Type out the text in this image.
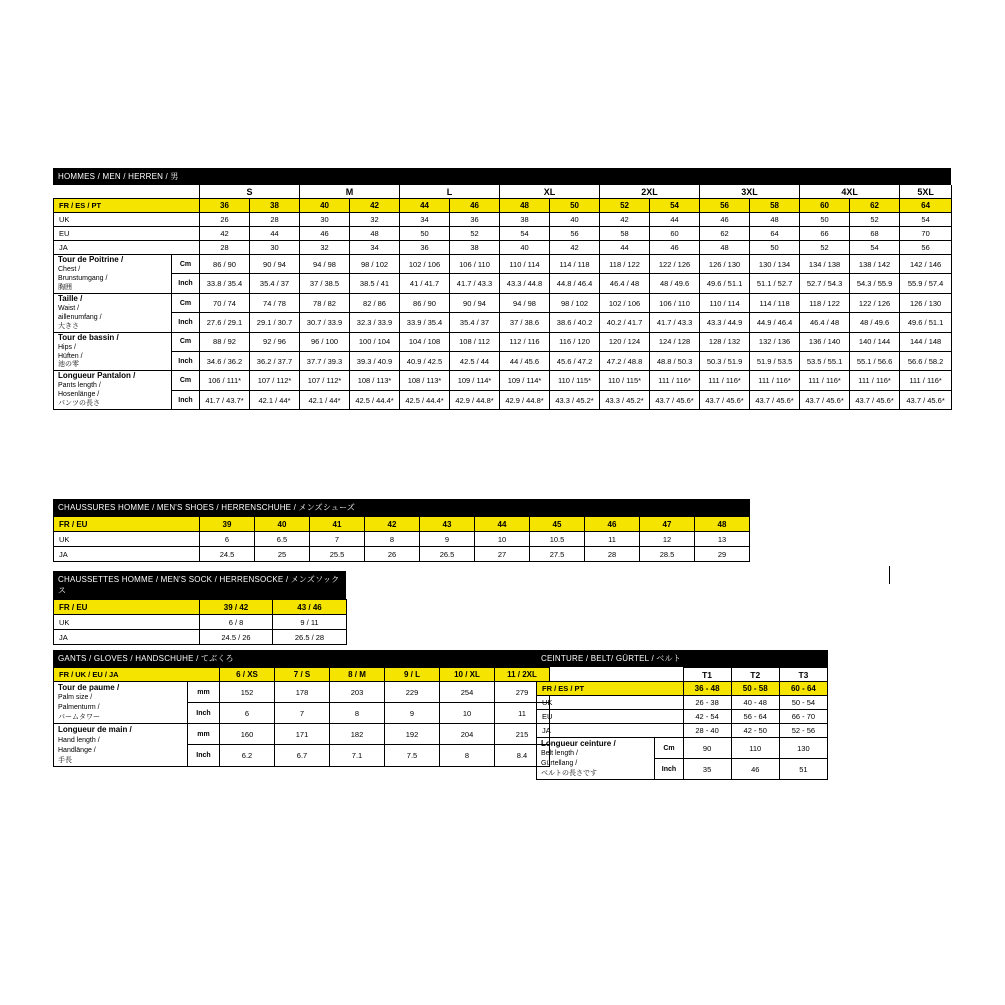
HOMMES / MEN / HERREN / 男
		S		M		L		XL		2XL		3XL		4XL		5XL
FR / ES / PT		36	38	40	42	44	46	48	50	52	54	56	58	60	62	64
UK		26	28	30	32	34	36	38	40	42	44	46	48	50	52	54
EU		42	44	46	48	50	52	54	56	58	60	62	64	66	68	70
JA		28	30	32	34	36	38	40	42	44	46	48	50	52	54	56
Tour de Poitrine /
Chest /
Brunstumgang /
胸囲	Cm	86 / 90	90 / 94	94 / 98	98 / 102	102 / 106	106 / 110	110 / 114	114 / 118	118 / 122	122 / 126	126 / 130	130 / 134	134 / 138	138 / 142	142 / 146
	Inch	33.8 / 35.4	35.4 / 37	37 / 38.5	38.5 / 41	41 / 41.7	41.7 / 43.3	43.3 / 44.8	44.8 / 46.4	46.4 / 48	48 / 49.6	49.6 / 51.1	51.1 / 52.7	52.7 / 54.3	54.3 / 55.9	55.9 / 57.4
Taille /
Waist /
aillenumfang /
大きさ	Cm	70 / 74	74 / 78	78 / 82	82 / 86	86 / 90	90 / 94	94 / 98	98 / 102	102 / 106	106 / 110	110 / 114	114 / 118	118 / 122	122 / 126	126 / 130
	Inch	27.6 / 29.1	29.1 / 30.7	30.7 / 33.9	32.3 / 33.9	33.9 / 35.4	35.4 / 37	37 / 38.6	38.6 / 40.2	40.2 / 41.7	41.7 / 43.3	43.3 / 44.9	44.9 / 46.4	46.4 / 48	48 / 49.6	49.6 / 51.1
Tour de bassin /
Hips /
Hüften /
池の零	Cm	88 / 92	92 / 96	96 / 100	100 / 104	104 / 108	108 / 112	112 / 116	116 / 120	120 / 124	124 / 128	128 / 132	132 / 136	136 / 140	140 / 144	144 / 148
	Inch	34.6 / 36.2	36.2 / 37.7	37.7 / 39.3	39.3 / 40.9	40.9 / 42.5	42.5 / 44	44 / 45.6	45.6 / 47.2	47.2 / 48.8	48.8 / 50.3	50.3 / 51.9	51.9 / 53.5	53.5 / 55.1	55.1 / 56.6	56.6 / 58.2
Longueur Pantalon /
Pants length /
Hosenlänge /
パンツの長さ	Cm	106 / 111*	107 / 112*	107 / 112*	108 / 113*	108 / 113*	109 / 114*	109 / 114*	110 / 115*	110 / 115*	111 / 116*	111 / 116*	111 / 116*	111 / 116*	111 / 116*	111 / 116*
	Inch	41.7 / 43.7*	42.1 / 44*	42.1 / 44*	42.5 / 44.4*	42.5 / 44.4*	42.9 / 44.8*	42.9 / 44.8*	43.3 / 45.2*	43.3 / 45.2*	43.7 / 45.6*	43.7 / 45.6*	43.7 / 45.6*	43.7 / 45.6*	43.7 / 45.6*	43.7 / 45.6*
CHAUSSURES HOMME / MEN'S SHOES / HERRENSCHUHE / メンズシューズ
FR / EU	39	40	41	42	43	44	45	46	47	48
UK	6	6.5	7	8	9	10	10.5	11	12	13
JA	24.5	25	25.5	26	26.5	27	27.5	28	28.5	29
CHAUSSETTES HOMME / MEN'S SOCK / HERRENSOCKE / メンズソックス
FR / EU	39 / 42	43 / 46
UK	6 / 8	9 / 11
JA	24.5 / 26	26.5 / 28
GANTS / GLOVES / HANDSCHUHE / てぶくろ
FR / UK / EU / JA		6 / XS	7 / S	8 / M	9 / L	10 / XL	11 / 2XL
Tour de paume /
Palm size /
Palmenturm /
パームタワー	mm	152	178	203	229	254	279
	Inch	6	7	8	9	10	11
Longueur de main /
Hand length /
Handlänge /
手長	mm	160	171	182	192	204	215
	Inch	6.2	6.7	7.1	7.5	8	8.4
CEINTURE / BELT/ GÜRTEL / ベルト
		T1	T2	T3
FR / ES / PT		36 - 48	50 - 58	60 - 64
UK		26 - 38	40 - 48	50 - 54
EU		42 - 54	56 - 64	66 - 70
JA		28 - 40	42 - 50	52 - 56
Longueur ceinture /
Belt length /
Gürtellang /
ベルトの長さです	Cm	90	110	130
	Inch	35	46	51
